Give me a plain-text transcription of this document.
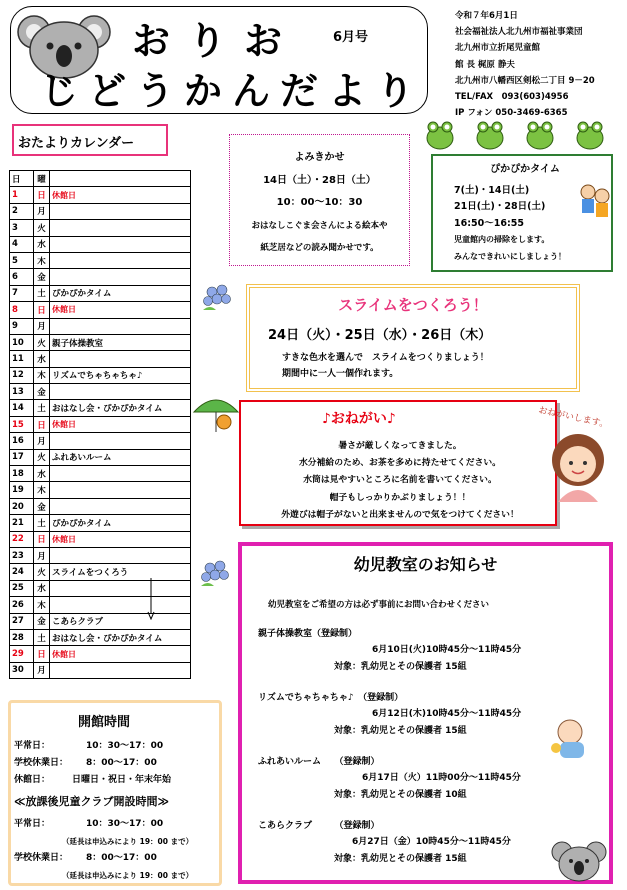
おりお	6月号
じどうかんだより
令和７年6月1日
社会福祉法人北九州市福祉事業団
北九州市立折尾児童館
館 長 梶原 静夫
北九州市八幡西区剣松二丁目 9－20
TEL/FAX　093(603)4956
IP フォン 050‐3469‐6365
おたよりカレンダー
日	曜	
1	日	休館日
2	月	
3	火	
4	水	
5	木	
6	金	
7	土	ぴかぴかタイム
8	日	休館日
9	月	
10	火	親子体操教室
11	水	
12	木	リズムでちゃちゃちゃ♪
13	金	
14	土	おはなし会・ぴかぴかタイム
15	日	休館日
16	月	
17	火	ふれあいルーム
18	水	
19	木	
20	金	
21	土	ぴかぴかタイム
22	日	休館日
23	月	
24	火	スライムをつくろう
25	水	
26	木	
27	金	こあらクラブ
28	土	おはなし会・ぴかぴかタイム
29	日	休館日
30	月	
開館時間
平常日：	10：30～17：00
学校休業日：	8：00～17：00
休館日：	日曜日・祝日・年末年始
≪放課後児童クラブ開設時間≫
平常日：	10：30～17：00
（延長は申込みにより 19：00 まで）
学校休業日：	8：00～17：00
（延長は申込みにより 19：00 まで）
よみきかせ
14日（土）・28日（土）
10：00～10：30
おはなしこぐま会さんによる絵本や
紙芝居などの読み聞かせです。
ぴかぴかタイム
7(土)・14日(土)
21日(土)・28日(土)
16:50～16:55
児童館内の掃除をします。
みんなできれいにしましょう！
スライムをつくろう！
24日（火）・25日（水）・26日（木）
すきな色水を選んで　スライムをつくりましょう！
期間中に一人一個作れます。
♪おねがい♪	おねがいします。
暑さが厳しくなってきました。
水分補給のため、お茶を多めに持たせてください。
水筒は見やすいところに名前を書いてください。
帽子もしっかりかぶりましょう！！
外遊びは帽子がないと出来ませんので気をつけてください！
幼児教室のお知らせ
幼児教室をご希望の方は必ず事前にお問い合わせください
親子体操教室（登録制）
6月10日(火)10時45分～11時45分
対象：乳幼児とその保護者 15組
リズムでちゃちゃちゃ♪　（登録制）
6月12日(木)10時45分～11時45分
対象：乳幼児とその保護者 15組
ふれあいルーム　　（登録制）
6月17日（火）11時00分～11時45分
対象：乳幼児とその保護者 10組
こあらクラブ　　　（登録制）
6月27日（金）10時45分～11時45分
対象：乳幼児とその保護者 15組
